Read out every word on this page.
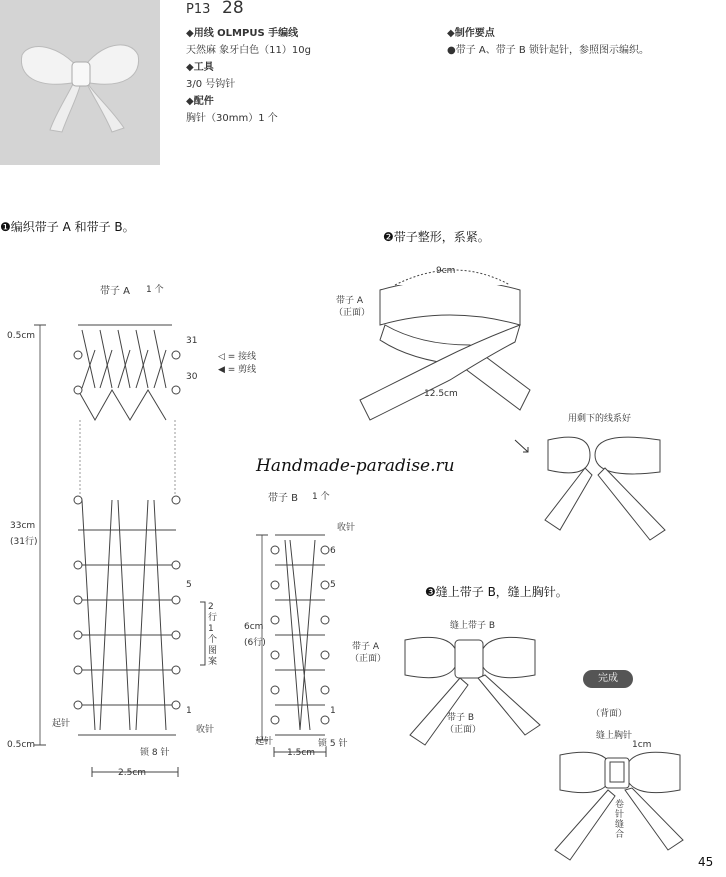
P13 28
◆用线 OLMPUS 手编线
天然麻 象牙白色（11）10g
◆工具
3/0 号钩针
◆配件
胸针（30mm）1 个
◆制作要点
●带子 A、带子 B 锁针起针，参照图示编织。
❶编织带子 A 和带子 B。
❷带子整形，系紧。
❸缝上带子 B，缝上胸针。
带子 A 1 个
◁ = 接线
◀ = 剪线
0.5cm	31
30
33cm
(31行)
5
2行1个图案
1
收针
起针
0.5cm
锁 8 针
2.5cm
带子 B 1 个
收针
6
5
6cm
(6行)
1
起针	锁 5 针
1.5cm
9cm
带子 A
（正面）
12.5cm
用剩下的线系好
Handmade-paradise.ru
缝上带子 B
带子 A
（正面）
带子 B
（正面）
完成
（背面）
缝上胸针
1cm
卷针缝合
45
